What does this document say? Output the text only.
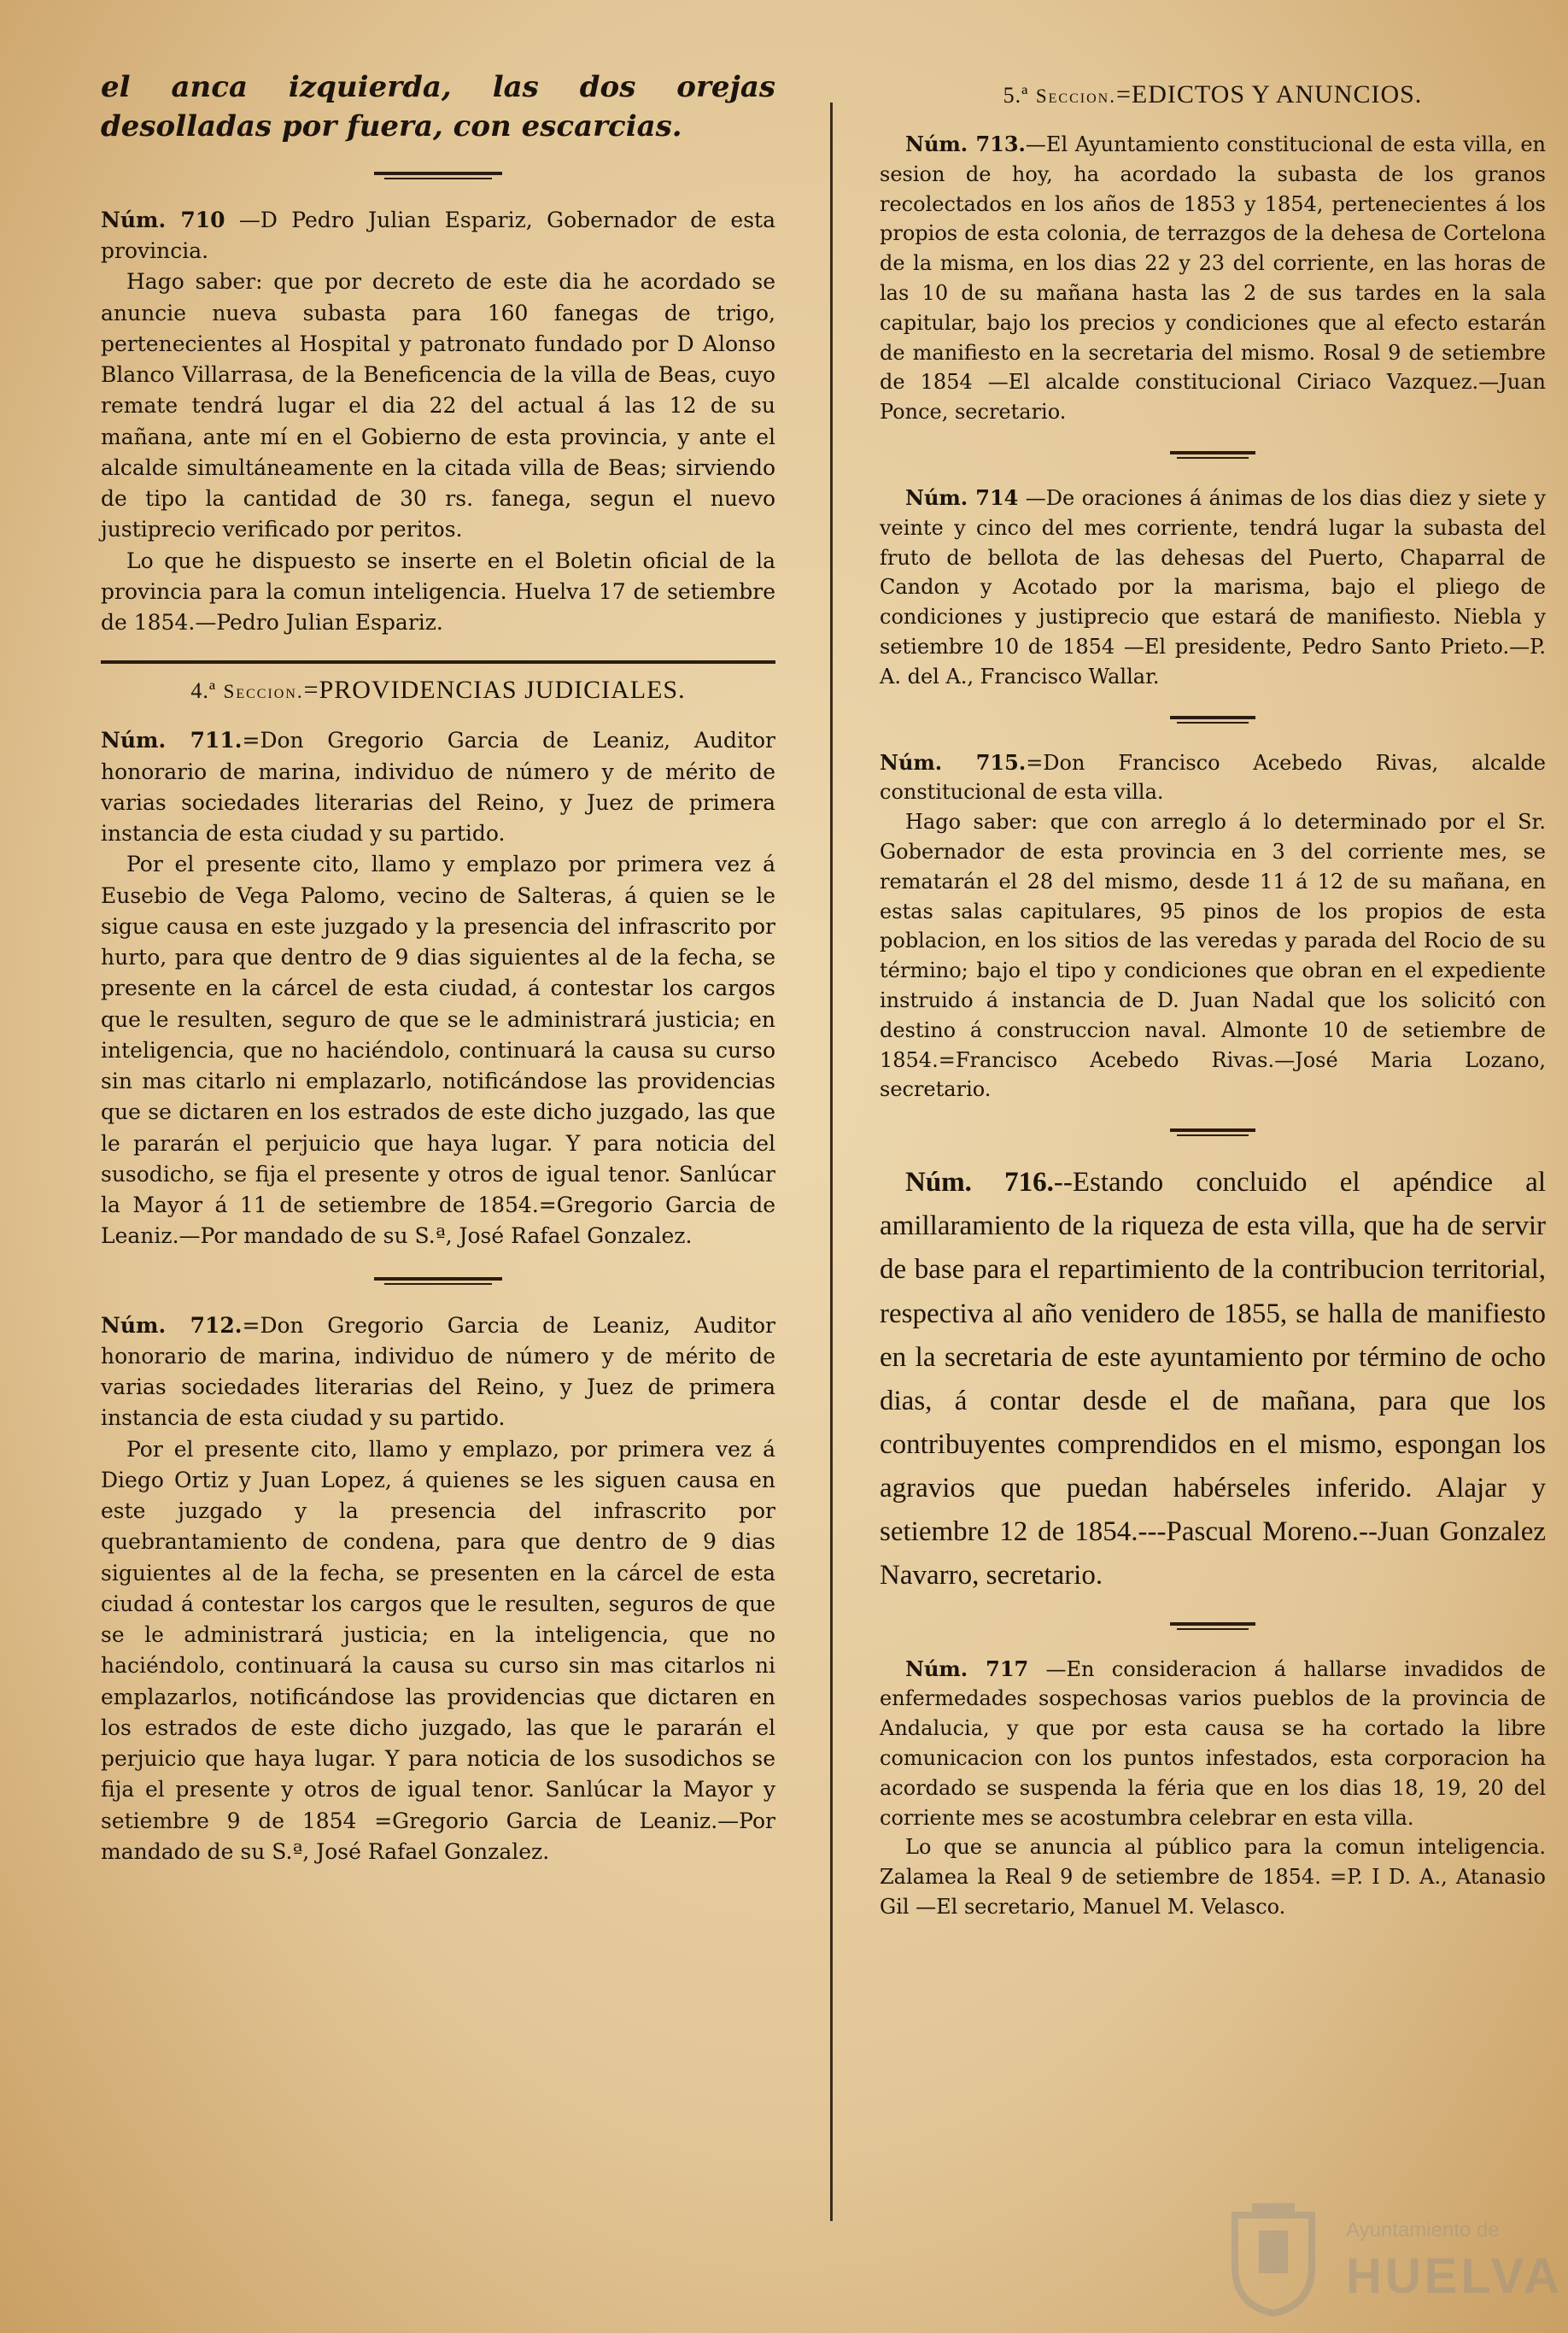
el anca izquierda, las dos orejas desolladas por fuera, con escarcias.

Núm. 710 —D Pedro Julian Espariz, Gobernador de esta provincia.

Hago saber: que por decreto de este dia he acordado se anuncie nueva subasta para 160 fanegas de trigo, pertenecientes al Hospital y patronato fundado por D Alonso Blanco Villarrasa, de la Beneficencia de la villa de Beas, cuyo remate tendrá lugar el dia 22 del actual á las 12 de su mañana, ante mí en el Gobierno de esta provincia, y ante el alcalde simultáneamente en la citada villa de Beas; sirviendo de tipo la cantidad de 30 rs. fanega, segun el nuevo justiprecio verificado por peritos.

Lo que he dispuesto se inserte en el Boletin oficial de la provincia para la comun inteligencia. Huelva 17 de setiembre de 1854.—Pedro Julian Espariz.

4.ª Seccion.=PROVIDENCIAS JUDICIALES.

Núm. 711.=Don Gregorio Garcia de Leaniz, Auditor honorario de marina, individuo de número y de mérito de varias sociedades literarias del Reino, y Juez de primera instancia de esta ciudad y su partido.

Por el presente cito, llamo y emplazo por primera vez á Eusebio de Vega Palomo, vecino de Salteras, á quien se le sigue causa en este juzgado y la presencia del infrascrito por hurto, para que dentro de 9 dias siguientes al de la fecha, se presente en la cárcel de esta ciudad, á contestar los cargos que le resulten, seguro de que se le administrará justicia; en inteligencia, que no haciéndolo, continuará la causa su curso sin mas citarlo ni emplazarlo, notificándose las providencias que se dictaren en los estrados de este dicho juzgado, las que le pararán el perjuicio que haya lugar. Y para noticia del susodicho, se fija el presente y otros de igual tenor. Sanlúcar la Mayor á 11 de setiembre de 1854.=Gregorio Garcia de Leaniz.—Por mandado de su S.ª, José Rafael Gonzalez.

Núm. 712.=Don Gregorio Garcia de Leaniz, Auditor honorario de marina, individuo de número y de mérito de varias sociedades literarias del Reino, y Juez de primera instancia de esta ciudad y su partido.

Por el presente cito, llamo y emplazo, por primera vez á Diego Ortiz y Juan Lopez, á quienes se les siguen causa en este juzgado y la presencia del infrascrito por quebrantamiento de condena, para que dentro de 9 dias siguientes al de la fecha, se presenten en la cárcel de esta ciudad á contestar los cargos que le resulten, seguros de que se le administrará justicia; en la inteligencia, que no haciéndolo, continuará la causa su curso sin mas citarlos ni emplazarlos, notificándose las providencias que dictaren en los estrados de este dicho juzgado, las que le pararán el perjuicio que haya lugar. Y para noticia de los susodichos se fija el presente y otros de igual tenor. Sanlúcar la Mayor y setiembre 9 de 1854 =Gregorio Garcia de Leaniz.—Por mandado de su S.ª, José Rafael Gonzalez.

5.ª Seccion.=EDICTOS Y ANUNCIOS.

Núm. 713.—El Ayuntamiento constitucional de esta villa, en sesion de hoy, ha acordado la subasta de los granos recolectados en los años de 1853 y 1854, pertenecientes á los propios de esta colonia, de terrazgos de la dehesa de Cortelona de la misma, en los dias 22 y 23 del corriente, en las horas de las 10 de su mañana hasta las 2 de sus tardes en la sala capitular, bajo los precios y condiciones que al efecto estarán de manifiesto en la secretaria del mismo. Rosal 9 de setiembre de 1854 —El alcalde constitucional Ciriaco Vazquez.—Juan Ponce, secretario.

Núm. 714 —De oraciones á ánimas de los dias diez y siete y veinte y cinco del mes corriente, tendrá lugar la subasta del fruto de bellota de las dehesas del Puerto, Chaparral de Candon y Acotado por la marisma, bajo el pliego de condiciones y justiprecio que estará de manifiesto. Niebla y setiembre 10 de 1854 —El presidente, Pedro Santo Prieto.—P. A. del A., Francisco Wallar.

Núm. 715.=Don Francisco Acebedo Rivas, alcalde constitucional de esta villa.

Hago saber: que con arreglo á lo determinado por el Sr. Gobernador de esta provincia en 3 del corriente mes, se rematarán el 28 del mismo, desde 11 á 12 de su mañana, en estas salas capitulares, 95 pinos de los propios de esta poblacion, en los sitios de las veredas y parada del Rocio de su término; bajo el tipo y condiciones que obran en el expediente instruido á instancia de D. Juan Nadal que los solicitó con destino á construccion naval. Almonte 10 de setiembre de 1854.=Francisco Acebedo Rivas.—José Maria Lozano, secretario.

Núm. 716.--Estando concluido el apéndice al amillaramiento de la riqueza de esta villa, que ha de servir de base para el repartimiento de la contribucion territorial, respectiva al año venidero de 1855, se halla de manifiesto en la secretaria de este ayuntamiento por término de ocho dias, á contar desde el de mañana, para que los contribuyentes comprendidos en el mismo, espongan los agravios que puedan habérseles inferido. Alajar y setiembre 12 de 1854.---Pascual Moreno.--Juan Gonzalez Navarro, secretario.

Núm. 717 —En consideracion á hallarse invadidos de enfermedades sospechosas varios pueblos de la provincia de Andalucia, y que por esta causa se ha cortado la libre comunicacion con los puntos infestados, esta corporacion ha acordado se suspenda la féria que en los dias 18, 19, 20 del corriente mes se acostumbra celebrar en esta villa.

Lo que se anuncia al público para la comun inteligencia. Zalamea la Real 9 de setiembre de 1854. =P. I D. A., Atanasio Gil —El secretario, Manuel M. Velasco.

Ayuntamiento de
HUELVA
